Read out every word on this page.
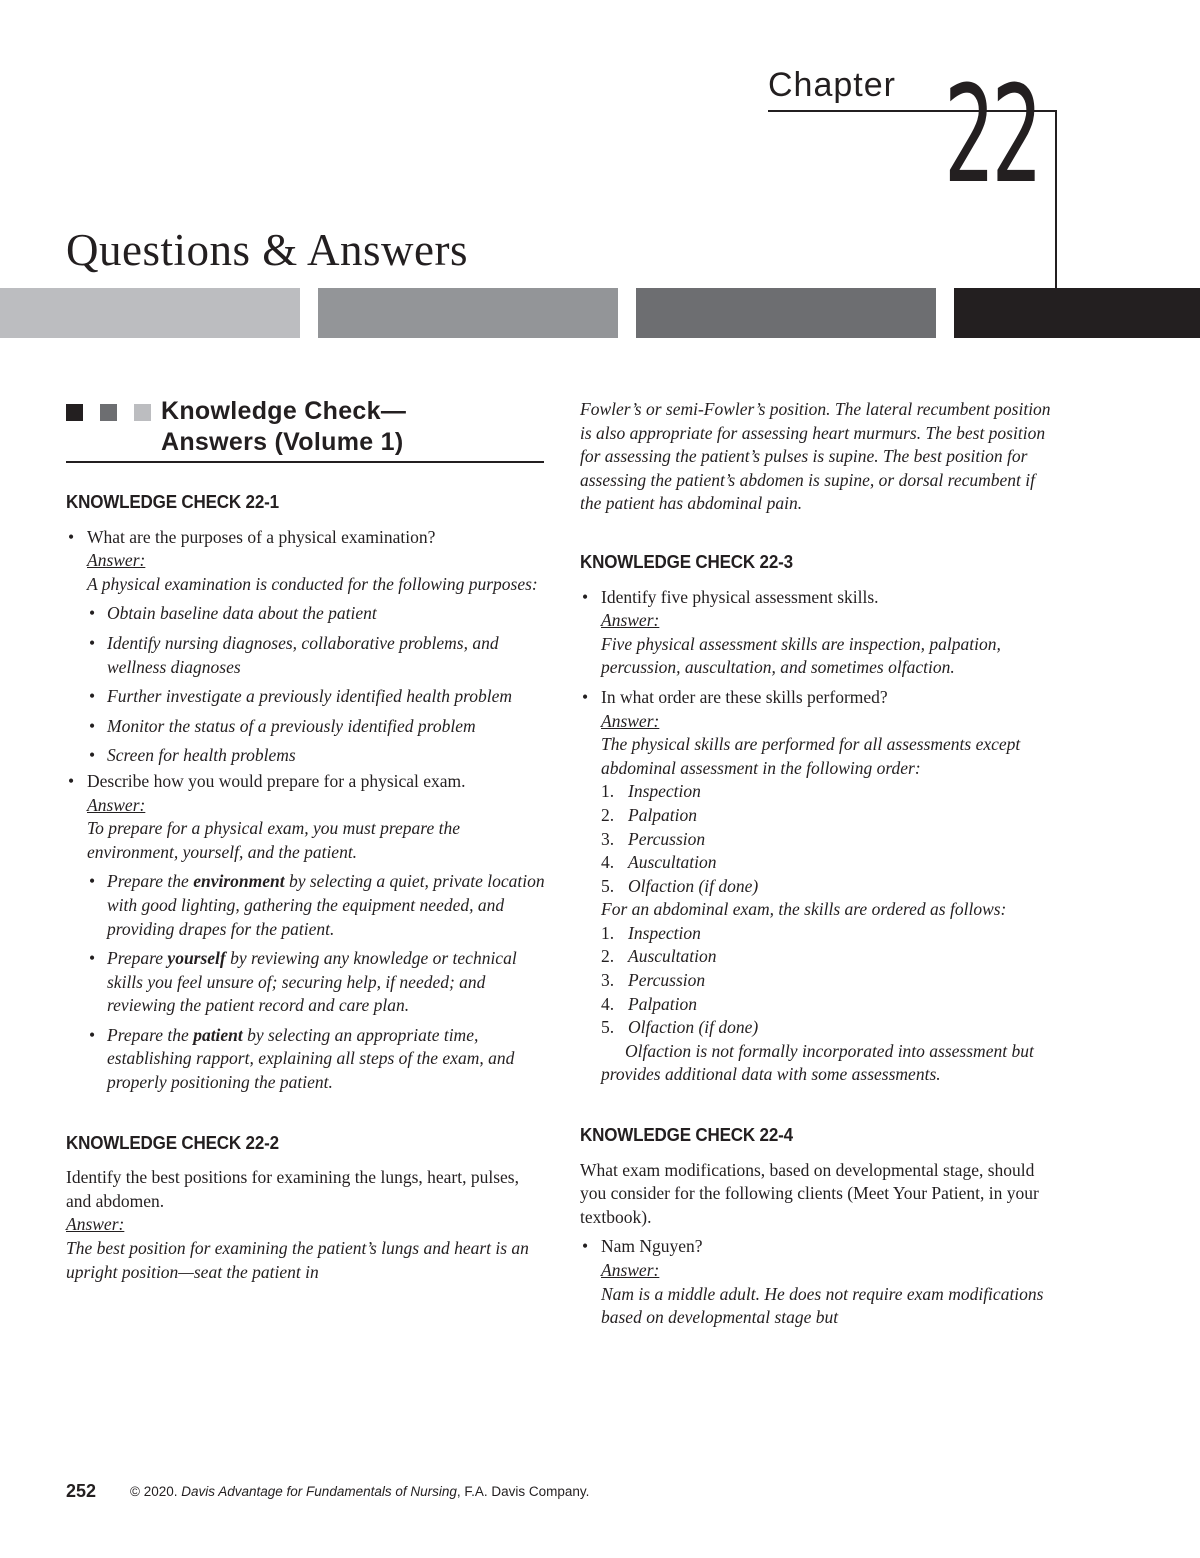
Chapter 22
Questions & Answers
Knowledge Check—
Answers (Volume 1)
KNOWLEDGE CHECK 22-1
• What are the purposes of a physical examination?
Answer:
A physical examination is conducted for the following purposes:
• Obtain baseline data about the patient
• Identify nursing diagnoses, collaborative problems, and wellness diagnoses
• Further investigate a previously identified health problem
• Monitor the status of a previously identified problem
• Screen for health problems
• Describe how you would prepare for a physical exam.
Answer:
To prepare for a physical exam, you must prepare the environment, yourself, and the patient.
• Prepare the environment by selecting a quiet, private location with good lighting, gathering the equipment needed, and providing drapes for the patient.
• Prepare yourself by reviewing any knowledge or technical skills you feel unsure of; securing help, if needed; and reviewing the patient record and care plan.
• Prepare the patient by selecting an appropriate time, establishing rapport, explaining all steps of the exam, and properly positioning the patient.
KNOWLEDGE CHECK 22-2
Identify the best positions for examining the lungs, heart, pulses, and abdomen.
Answer:
The best position for examining the patient’s lungs and heart is an upright position—seat the patient in
Fowler’s or semi-Fowler’s position. The lateral recumbent position is also appropriate for assessing heart murmurs. The best position for assessing the patient’s pulses is supine. The best position for assessing the patient’s abdomen is supine, or dorsal recumbent if the patient has abdominal pain.
KNOWLEDGE CHECK 22-3
• Identify five physical assessment skills.
Answer:
Five physical assessment skills are inspection, palpation, percussion, auscultation, and sometimes olfaction.
• In what order are these skills performed?
Answer:
The physical skills are performed for all assessments except abdominal assessment in the following order:
1. Inspection
2. Palpation
3. Percussion
4. Auscultation
5. Olfaction (if done)
For an abdominal exam, the skills are ordered as follows:
1. Inspection
2. Auscultation
3. Percussion
4. Palpation
5. Olfaction (if done)
Olfaction is not formally incorporated into assessment but provides additional data with some assessments.
KNOWLEDGE CHECK 22-4
What exam modifications, based on developmental stage, should you consider for the following clients (Meet Your Patient, in your textbook).
• Nam Nguyen?
Answer:
Nam is a middle adult. He does not require exam modifications based on developmental stage but
252	© 2020. Davis Advantage for Fundamentals of Nursing, F.A. Davis Company.
